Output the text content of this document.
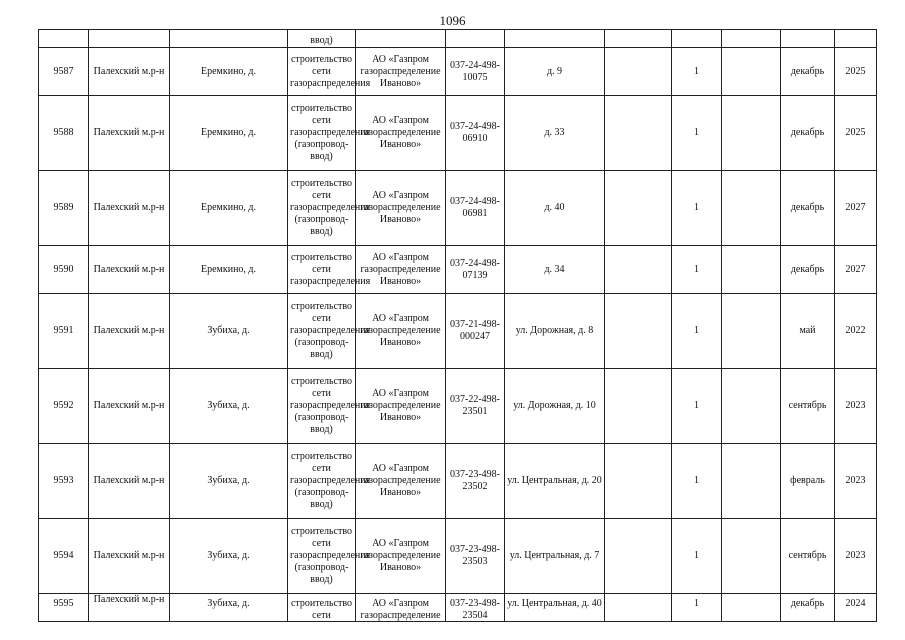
1096
			ввод)								
9587	Палехский м.р-н	Еремкино, д.	строительство сети газораспределения	АО «Газпром газораспределение Иваново»	037-24-498-10075	д. 9		1		декабрь	2025
9588	Палехский м.р-н	Еремкино, д.	строительство сети газораспределения (газопровод-ввод)	АО «Газпром газораспределение Иваново»	037-24-498-06910	д. 33		1		декабрь	2025
9589	Палехский м.р-н	Еремкино, д.	строительство сети газораспределения (газопровод-ввод)	АО «Газпром газораспределение Иваново»	037-24-498-06981	д. 40		1		декабрь	2027
9590	Палехский м.р-н	Еремкино, д.	строительство сети газораспределения	АО «Газпром газораспределение Иваново»	037-24-498-07139	д. 34		1		декабрь	2027
9591	Палехский м.р-н	Зубиха, д.	строительство сети газораспределения (газопровод-ввод)	АО «Газпром газораспределение Иваново»	037-21-498-000247	ул. Дорожная, д. 8		1		май	2022
9592	Палехский м.р-н	Зубиха, д.	строительство сети газораспределения (газопровод-ввод)	АО «Газпром газораспределение Иваново»	037-22-498-23501	ул. Дорожная, д. 10		1		сентябрь	2023
9593	Палехский м.р-н	Зубиха, д.	строительство сети газораспределения (газопровод-ввод)	АО «Газпром газораспределение Иваново»	037-23-498-23502	ул. Центральная, д. 20		1		февраль	2023
9594	Палехский м.р-н	Зубиха, д.	строительство сети газораспределения (газопровод-ввод)	АО «Газпром газораспределение Иваново»	037-23-498-23503	ул. Центральная, д. 7		1		сентябрь	2023

9595	Палехский м.р-н	Зубиха, д.	строительство сети	АО «Газпром газораспределение	037-23-498-23504	ул. Центральная, д. 40		1		декабрь	2024
